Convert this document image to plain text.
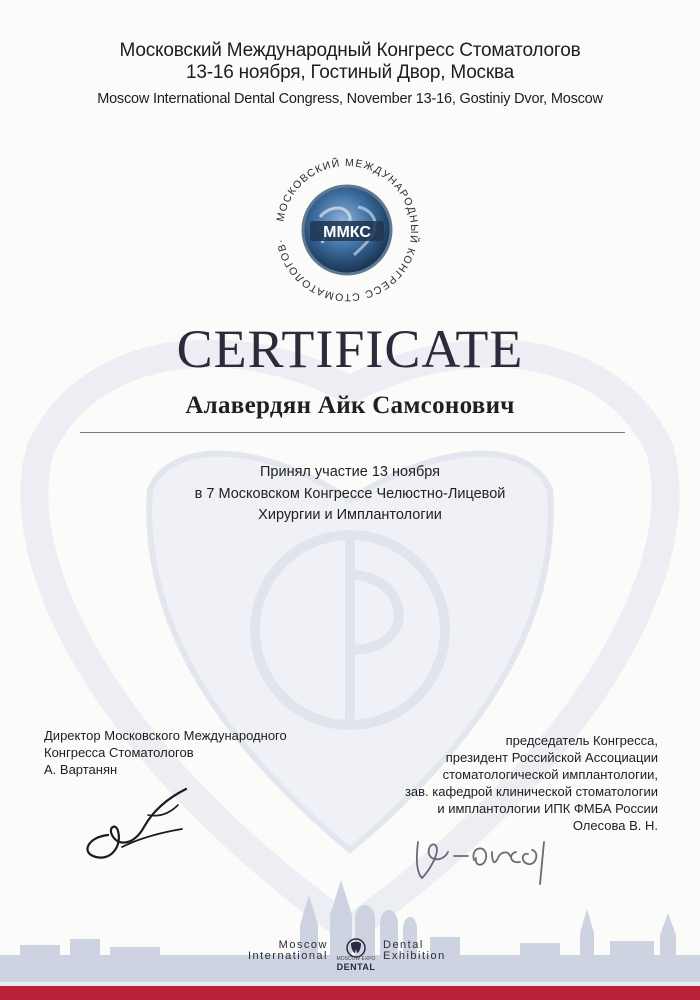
Московский Международный Конгресс Стоматологов
13-16 ноября, Гостиный Двор, Москва
Moscow International Dental Congress, November 13-16, Gostiniy Dvor, Moscow
МОСКОВСКИЙ МЕЖДУНАРОДНЫЙ КОНГРЕСС СТОМАТОЛОГОВ·	ММКС
CERTIFICATE
Алавердян Айк Самсонович
Принял участие 13 ноября
в 7 Московском Конгрессе Челюстно-Лицевой
Хирургии и Имплантологии
Директор Московского Международного
Конгресса Стоматологов
А. Вартанян
председатель Конгресса,
президент Российской Ассоциации
стоматологической имплантологии,
зав. кафедрой клинической стоматологии
и имплантологии ИПК ФМБА России
Олесова В. Н.
Moscow
International	MOSCOW EXPO
DENTAL
Dental
Exhibition
